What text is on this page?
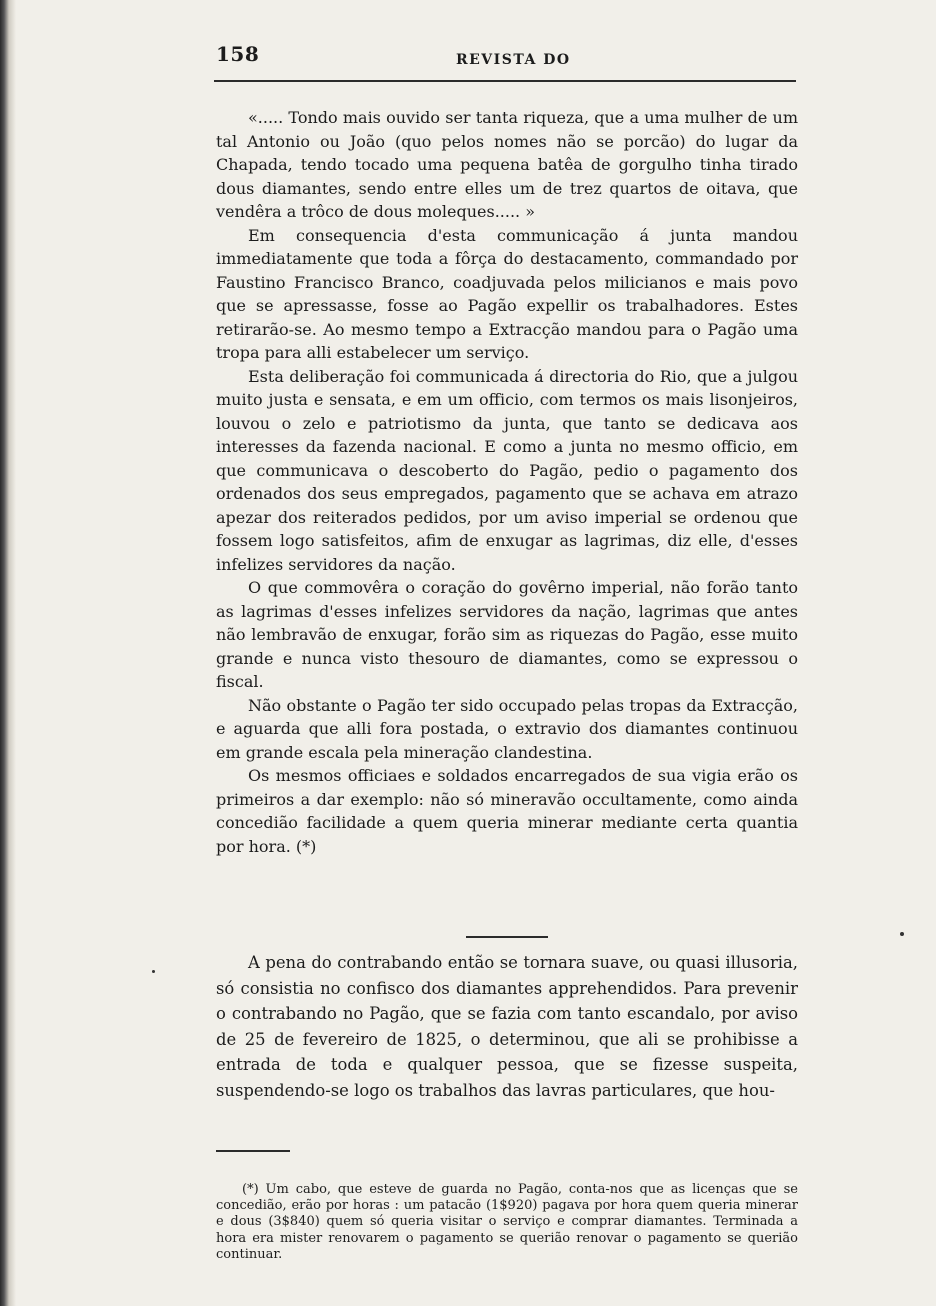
158	REVISTA DO

«..... Tondo mais ouvido ser tanta riqueza, que a uma mulher de um tal Antonio ou João (quo pelos nomes não se porcão) do lugar da Chapada, tendo tocado uma pequena batêa de gorgulho tinha tirado dous diamantes, sendo entre elles um de trez quartos de oitava, que vendêra a trôco de dous moleques..... »

Em consequencia d'esta communicação á junta mandou immediatamente que toda a fôrça do destacamento, commandado por Faustino Francisco Branco, coadjuvada pelos milicianos e mais povo que se apressasse, fosse ao Pagão expellir os trabalhadores. Estes retirarão-se. Ao mesmo tempo a Extracção mandou para o Pagão uma tropa para alli estabelecer um serviço.

Esta deliberação foi communicada á directoria do Rio, que a julgou muito justa e sensata, e em um officio, com termos os mais lisonjeiros, louvou o zelo e patriotismo da junta, que tanto se dedicava aos interesses da fazenda nacional. E como a junta no mesmo officio, em que communicava o descoberto do Pagão, pedio o pagamento dos ordenados dos seus empregados, pagamento que se achava em atrazo apezar dos reiterados pedidos, por um aviso imperial se ordenou que fossem logo satisfeitos, afim de enxugar as lagrimas, diz elle, d'esses infelizes servidores da nação.

O que commovêra o coração do govêrno imperial, não forão tanto as lagrimas d'esses infelizes servidores da nação, lagrimas que antes não lembravão de enxugar, forão sim as riquezas do Pagão, esse muito grande e nunca visto thesouro de diamantes, como se expressou o fiscal.

Não obstante o Pagão ter sido occupado pelas tropas da Extracção, e aguarda que alli fora postada, o extravio dos diamantes continuou em grande escala pela mineração clandestina.

Os mesmos officiaes e soldados encarregados de sua vigia erão os primeiros a dar exemplo: não só mineravão occultamente, como ainda concedião facilidade a quem queria minerar mediante certa quantia por hora. (*)

A pena do contrabando então se tornara suave, ou quasi illusoria, só consistia no confisco dos diamantes apprehendidos. Para prevenir o contrabando no Pagão, que se fazia com tanto escandalo, por aviso de 25 de fevereiro de 1825, o determinou, que ali se prohibisse a entrada de toda e qualquer pessoa, que se fizesse suspeita, suspendendo-se logo os trabalhos das lavras particulares, que hou-

(*) Um cabo, que esteve de guarda no Pagão, conta-nos que as licenças que se concedião, erão por horas : um patacão (1$920) pagava por hora quem queria minerar e dous (3$840) quem só queria visitar o serviço e comprar diamantes. Terminada a hora era mister renovarem o pagamento se querião renovar o pagamento se querião continuar.
